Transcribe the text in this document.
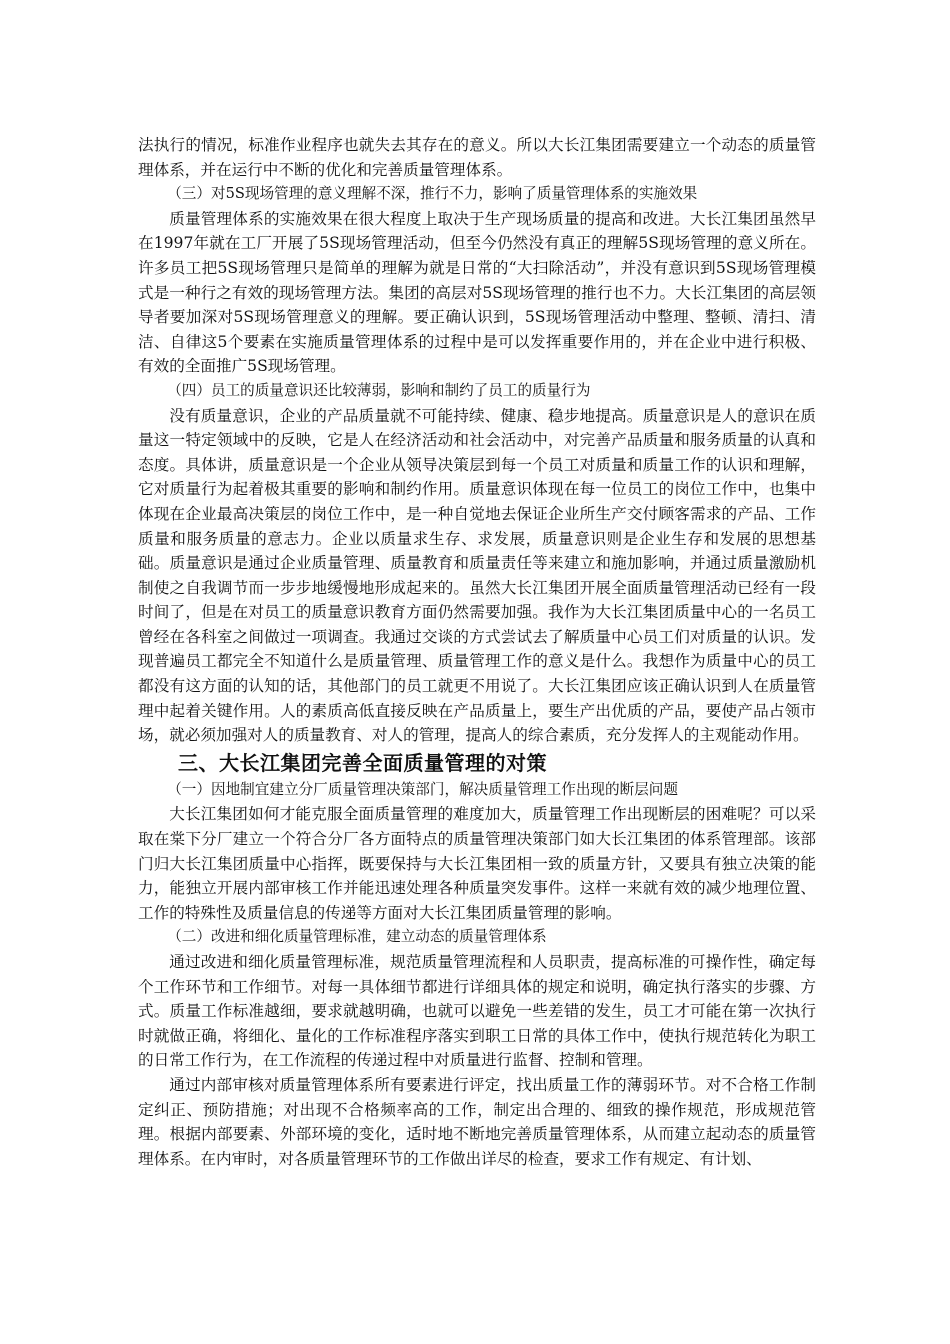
法执行的情况，标准作业程序也就失去其存在的意义。所以大长江集团需要建立一个动态的质量管理体系，并在运行中不断的优化和完善质量管理体系。

（三）对5S现场管理的意义理解不深，推行不力，影响了质量管理体系的实施效果

质量管理体系的实施效果在很大程度上取决于生产现场质量的提高和改进。大长江集团虽然早在1997年就在工厂开展了5S现场管理活动，但至今仍然没有真正的理解5S现场管理的意义所在。许多员工把5S现场管理只是简单的理解为就是日常的“大扫除活动”，并没有意识到5S现场管理模式是一种行之有效的现场管理方法。集团的高层对5S现场管理的推行也不力。大长江集团的高层领导者要加深对5S现场管理意义的理解。要正确认识到，5S现场管理活动中整理、整顿、清扫、清洁、自律这5个要素在实施质量管理体系的过程中是可以发挥重要作用的，并在企业中进行积极、有效的全面推广5S现场管理。

（四）员工的质量意识还比较薄弱，影响和制约了员工的质量行为

没有质量意识，企业的产品质量就不可能持续、健康、稳步地提高。质量意识是人的意识在质量这一特定领域中的反映，它是人在经济活动和社会活动中，对完善产品质量和服务质量的认真和态度。具体讲，质量意识是一个企业从领导决策层到每一个员工对质量和质量工作的认识和理解，它对质量行为起着极其重要的影响和制约作用。质量意识体现在每一位员工的岗位工作中，也集中体现在企业最高决策层的岗位工作中，是一种自觉地去保证企业所生产交付顾客需求的产品、工作质量和服务质量的意志力。企业以质量求生存、求发展，质量意识则是企业生存和发展的思想基础。质量意识是通过企业质量管理、质量教育和质量责任等来建立和施加影响，并通过质量激励机制使之自我调节而一步步地缓慢地形成起来的。虽然大长江集团开展全面质量管理活动已经有一段时间了，但是在对员工的质量意识教育方面仍然需要加强。我作为大长江集团质量中心的一名员工曾经在各科室之间做过一项调查。我通过交谈的方式尝试去了解质量中心员工们对质量的认识。发现普遍员工都完全不知道什么是质量管理、质量管理工作的意义是什么。我想作为质量中心的员工都没有这方面的认知的话，其他部门的员工就更不用说了。大长江集团应该正确认识到人在质量管理中起着关键作用。人的素质高低直接反映在产品质量上，要生产出优质的产品，要使产品占领市场，就必须加强对人的质量教育、对人的管理，提高人的综合素质，充分发挥人的主观能动作用。

三、大长江集团完善全面质量管理的对策

（一）因地制宜建立分厂质量管理决策部门，解决质量管理工作出现的断层问题

大长江集团如何才能克服全面质量管理的难度加大，质量管理工作出现断层的困难呢？可以采取在棠下分厂建立一个符合分厂各方面特点的质量管理决策部门如大长江集团的体系管理部。该部门归大长江集团质量中心指挥，既要保持与大长江集团相一致的质量方针，又要具有独立决策的能力，能独立开展内部审核工作并能迅速处理各种质量突发事件。这样一来就有效的减少地理位置、工作的特殊性及质量信息的传递等方面对大长江集团质量管理的影响。

（二）改进和细化质量管理标准，建立动态的质量管理体系

通过改进和细化质量管理标准，规范质量管理流程和人员职责，提高标准的可操作性，确定每个工作环节和工作细节。对每一具体细节都进行详细具体的规定和说明，确定执行落实的步骤、方式。质量工作标准越细，要求就越明确，也就可以避免一些差错的发生，员工才可能在第一次执行时就做正确，将细化、量化的工作标准程序落实到职工日常的具体工作中，使执行规范转化为职工的日常工作行为，在工作流程的传递过程中对质量进行监督、控制和管理。

通过内部审核对质量管理体系所有要素进行评定，找出质量工作的薄弱环节。对不合格工作制定纠正、预防措施；对出现不合格频率高的工作，制定出合理的、细致的操作规范，形成规范管理。根据内部要素、外部环境的变化，适时地不断地完善质量管理体系，从而建立起动态的质量管理体系。在内审时，对各质量管理环节的工作做出详尽的检查，要求工作有规定、有计划、
